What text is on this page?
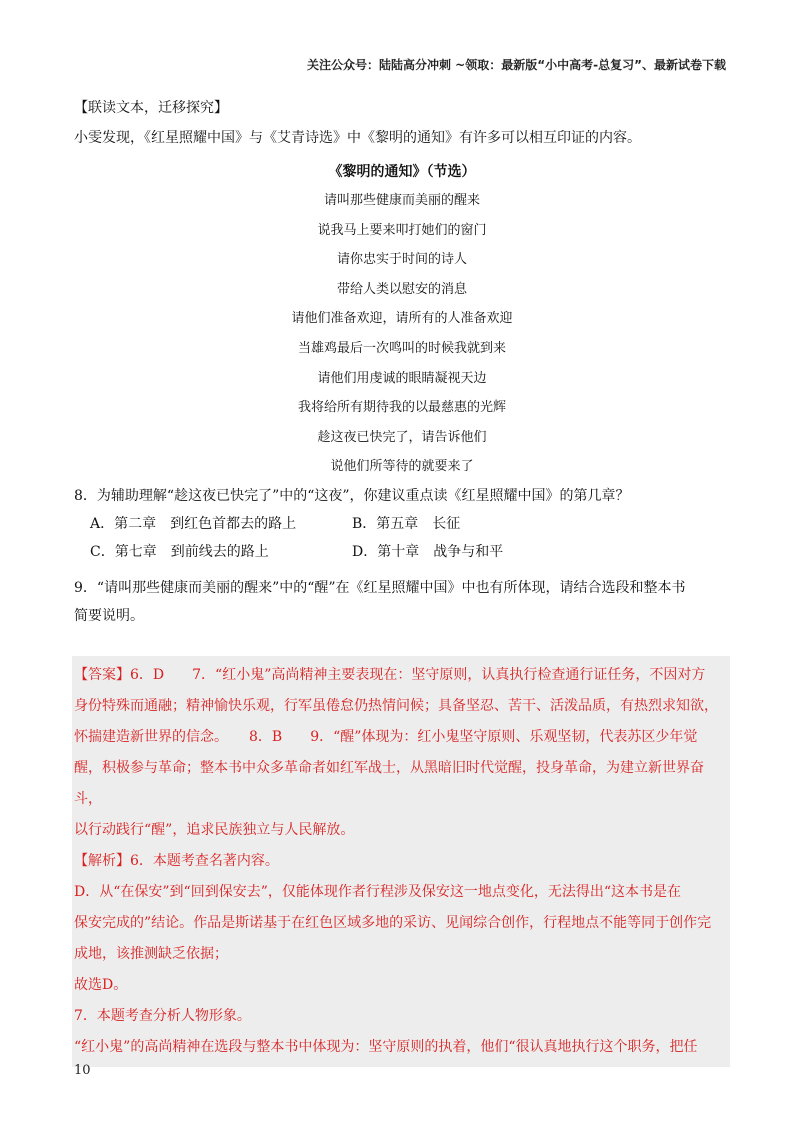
关注公众号：陆陆高分冲刺 ~领取：最新版“小中高考-总复习”、最新试卷下载
【联读文本，迁移探究】
小雯发现，《红星照耀中国》与《艾青诗选》中《黎明的通知》有许多可以相互印证的内容。
《黎明的通知》（节选）
请叫那些健康而美丽的醒来
说我马上要来叩打她们的窗门
请你忠实于时间的诗人
带给人类以慰安的消息
请他们准备欢迎，请所有的人准备欢迎
当雄鸡最后一次鸣叫的时候我就到来
请他们用虔诚的眼睛凝视天边
我将给所有期待我的以最慈惠的光辉
趁这夜已快完了，请告诉他们
说他们所等待的就要来了
8．为辅助理解“趁这夜已快完了”中的“这夜”，你建议重点读《红星照耀中国》的第几章？
A．第二章　到红色首都去的路上	B．第五章　长征
C．第七章　到前线去的路上	D．第十章　战争与和平
9．“请叫那些健康而美丽的醒来”中的“醒”在《红星照耀中国》中也有所体现，请结合选段和整本书
简要说明。
【答案】6．D　　7．“红小鬼”高尚精神主要表现在：坚守原则，认真执行检查通行证任务，不因对方
身份特殊而通融；精神愉快乐观，行军虽倦怠仍热情问候；具备坚忍、苦干、活泼品质，有热烈求知欲，
怀揣建造新世界的信念。　　8．B　　9．“醒”体现为：红小鬼坚守原则、乐观坚韧，代表苏区少年觉
醒，积极参与革命；整本书中众多革命者如红军战士，从黑暗旧时代觉醒，投身革命，为建立新世界奋斗，
以行动践行“醒”，追求民族独立与人民解放。
【解析】6．本题考查名著内容。
D．从“在保安”到“回到保安去”，仅能体现作者行程涉及保安这一地点变化，无法得出“这本书是在
保安完成的”结论。作品是斯诺基于在红色区域多地的采访、见闻综合创作，行程地点不能等同于创作完
成地，该推测缺乏依据；
故选D。
7．本题考查分析人物形象。
“红小鬼”的高尚精神在选段与整本书中体现为：坚守原则的执着，他们“很认真地执行这个职务，把任
10
